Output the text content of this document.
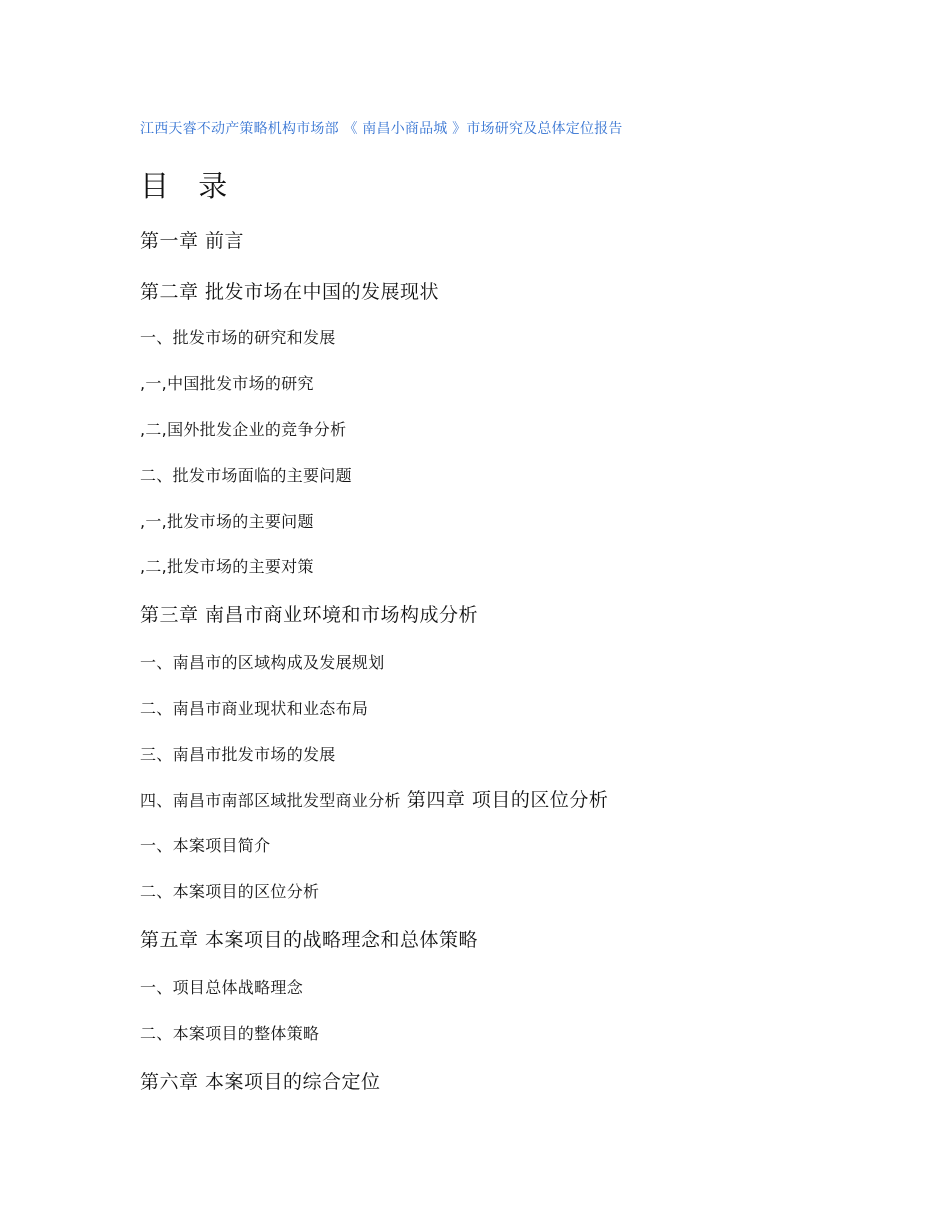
江西天睿不动产策略机构市场部 《 南昌小商品城 》市场研究及总体定位报告
目 录
第一章 前言
第二章 批发市场在中国的发展现状
一、批发市场的研究和发展
,一,中国批发市场的研究
,二,国外批发企业的竞争分析
二、批发市场面临的主要问题
,一,批发市场的主要问题
,二,批发市场的主要对策
第三章 南昌市商业环境和市场构成分析
一、南昌市的区域构成及发展规划
二、南昌市商业现状和业态布局
三、南昌市批发市场的发展
四、南昌市南部区域批发型商业分析 第四章 项目的区位分析
一、本案项目简介
二、本案项目的区位分析
第五章 本案项目的战略理念和总体策略
一、项目总体战略理念
二、本案项目的整体策略
第六章 本案项目的综合定位
